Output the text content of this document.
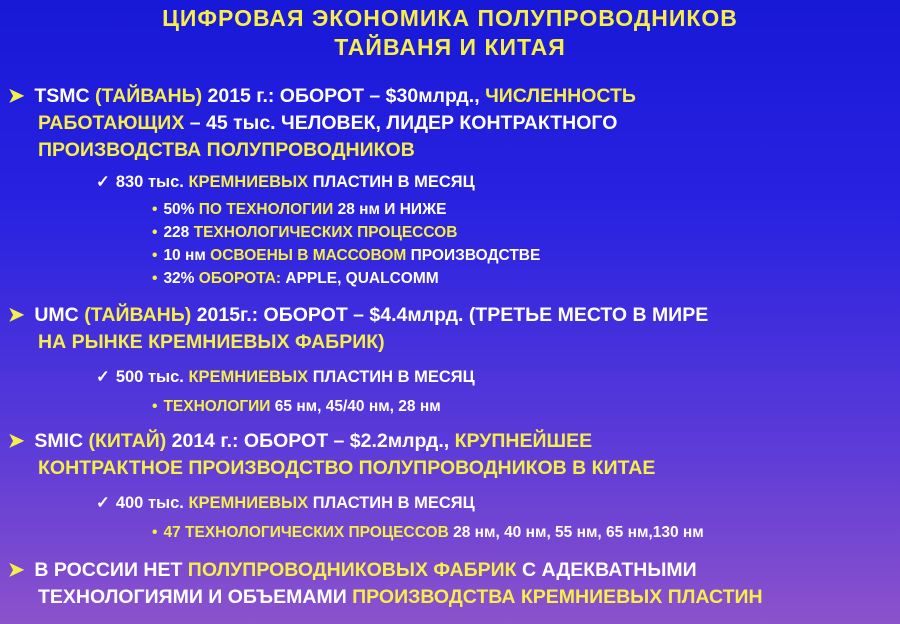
ЦИФРОВАЯ ЭКОНОМИКА ПОЛУПРОВОДНИКОВ
ТАЙВАНЯ И КИТАЯ
➤ TSMC (ТАЙВАНЬ) 2015 г.: ОБОРОТ – $30млрд., ЧИСЛЕННОСТЬ
РАБОТАЮЩИХ – 45 тыс. ЧЕЛОВЕК, ЛИДЕР КОНТРАКТНОГО
ПРОИЗВОДСТВА ПОЛУПРОВОДНИКОВ
✓ 830 тыс. КРЕМНИЕВЫХ ПЛАСТИН В МЕСЯЦ
• 50% ПО ТЕХНОЛОГИИ 28 нм И НИЖЕ
• 228 ТЕХНОЛОГИЧЕСКИХ ПРОЦЕССОВ
• 10 нм ОСВОЕНЫ В МАССОВОМ ПРОИЗВОДСТВЕ
• 32% ОБОРОТА: APPLE, QUALCOMM
➤ UMC (ТАЙВАНЬ) 2015г.: ОБОРОТ – $4.4млрд. (ТРЕТЬЕ МЕСТО В МИРЕ
НА РЫНКЕ КРЕМНИЕВЫХ ФАБРИК)
✓ 500 тыс. КРЕМНИЕВЫХ ПЛАСТИН В МЕСЯЦ
• ТЕХНОЛОГИИ 65 нм, 45/40 нм, 28 нм
➤ SMIC (КИТАЙ) 2014 г.: ОБОРОТ – $2.2млрд., КРУПНЕЙШЕЕ
КОНТРАКТНОЕ ПРОИЗВОДСТВО ПОЛУПРОВОДНИКОВ В КИТАЕ
✓ 400 тыс. КРЕМНИЕВЫХ ПЛАСТИН В МЕСЯЦ
• 47 ТЕХНОЛОГИЧЕСКИХ ПРОЦЕССОВ 28 нм, 40 нм, 55 нм, 65 нм,130 нм
➤ В РОССИИ НЕТ ПОЛУПРОВОДНИКОВЫХ ФАБРИК С АДЕКВАТНЫМИ
ТЕХНОЛОГИЯМИ И ОБЪЕМАМИ ПРОИЗВОДСТВА КРЕМНИЕВЫХ ПЛАСТИН
